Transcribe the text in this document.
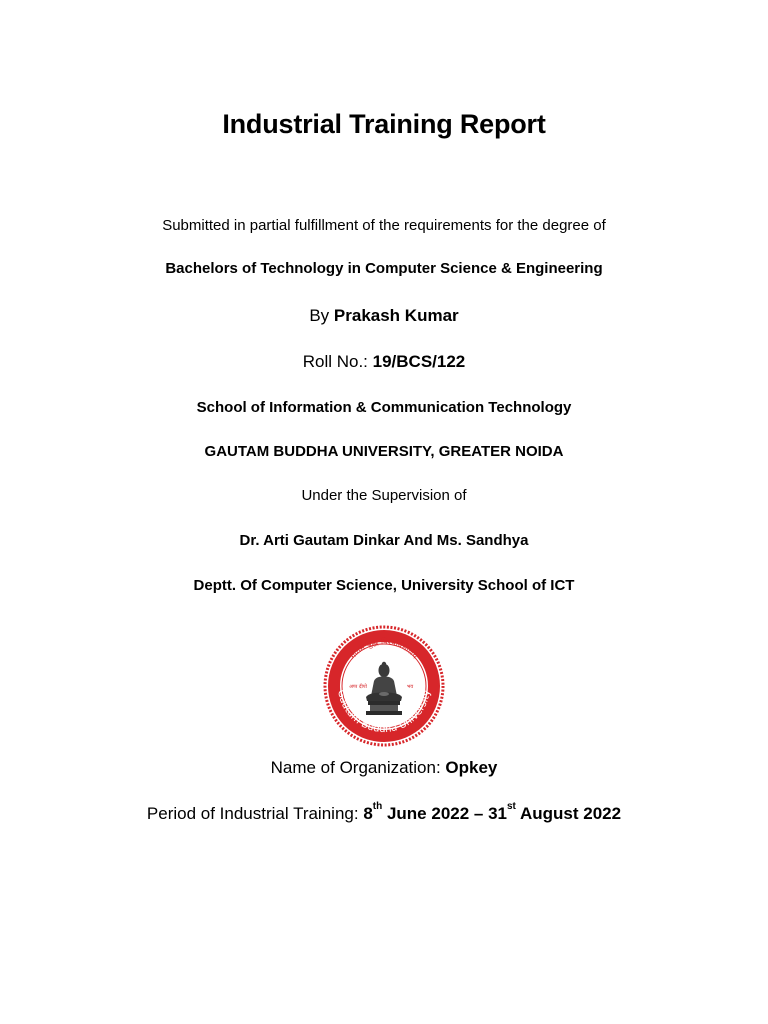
Industrial Training Report
Submitted in partial fulfillment of the requirements for the degree of
Bachelors of Technology in Computer Science & Engineering
By Prakash Kumar
Roll No.: 19/BCS/122
School of Information & Communication Technology
GAUTAM BUDDHA UNIVERSITY, GREATER NOIDA
Under the Supervision of
Dr. Arti Gautam Dinkar And Ms. Sandhya
Deptt. Of Computer Science, University School of ICT
Gautam Buddha University
गौतम बुद्ध विश्वविद्यालय
अप्प दीपो	भव
Name of Organization: Opkey
Period of Industrial Training: 8th June 2022 – 31st August 2022
